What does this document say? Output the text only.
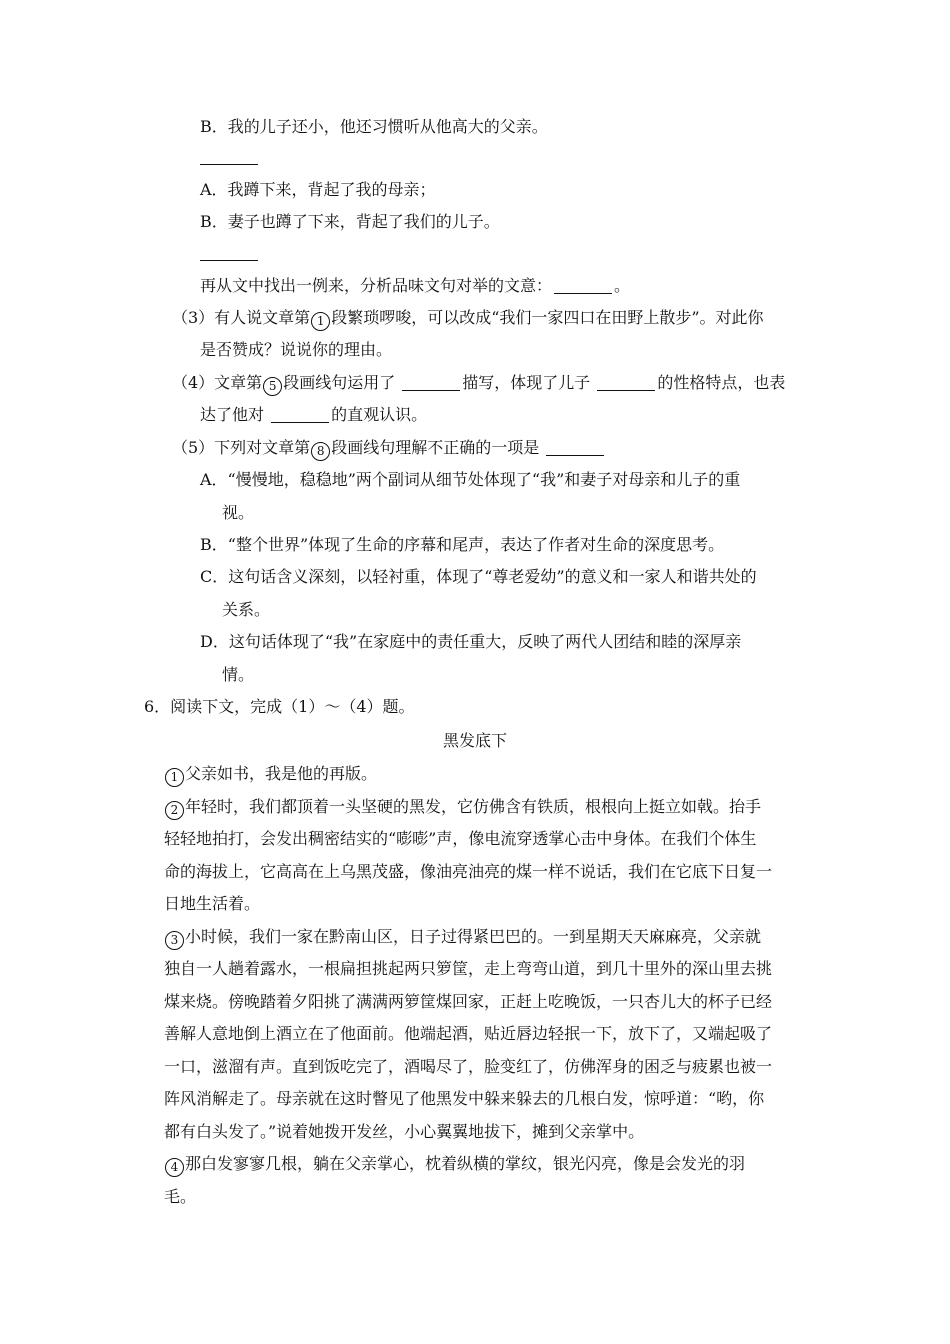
B．我的儿子还小，他还习惯听从他高大的父亲。
A．我蹲下来，背起了我的母亲；
B．妻子也蹲了下来，背起了我们的儿子。
再从文中找出一例来，分析品味文句对举的文意：	。
（3）有人说文章第 1 段繁琐啰唆，可以改成“我们一家四口在田野上散步”。对此你
是否赞成？说说你的理由。
（4）文章第 5 段画线句运用了	描写，体现了儿子	的性格特点，也表
达了他对	的直观认识。
（5）下列对文章第 8 段画线句理解不正确的一项是
A．“慢慢地，稳稳地”两个副词从细节处体现了“我”和妻子对母亲和儿子的重
视。
B．“整个世界”体现了生命的序幕和尾声，表达了作者对生命的深度思考。
C．这句话含义深刻，以轻衬重，体现了“尊老爱幼”的意义和一家人和谐共处的
关系。
D．这句话体现了“我”在家庭中的责任重大，反映了两代人团结和睦的深厚亲
情。
6．阅读下文，完成（1）～（4）题。
黑发底下
1 父亲如书，我是他的再版。
2 年轻时，我们都顶着一头坚硬的黑发，它仿佛含有铁质，根根向上挺立如戟。抬手
轻轻地拍打，会发出稠密结实的“嘭嘭”声，像电流穿透掌心击中身体。在我们个体生
命的海拔上，它高高在上乌黑茂盛，像油亮油亮的煤一样不说话，我们在它底下日复一
日地生活着。
3 小时候，我们一家在黔南山区，日子过得紧巴巴的。一到星期天天麻麻亮，父亲就
独自一人趟着露水，一根扁担挑起两只箩筐，走上弯弯山道，到几十里外的深山里去挑
煤来烧。傍晚踏着夕阳挑了满满两箩筐煤回家，正赶上吃晚饭，一只杏儿大的杯子已经
善解人意地倒上酒立在了他面前。他端起酒，贴近唇边轻抿一下，放下了，又端起吸了
一口，滋溜有声。直到饭吃完了，酒喝尽了，脸变红了，仿佛浑身的困乏与疲累也被一
阵风消解走了。母亲就在这时瞥见了他黑发中躲来躲去的几根白发，惊呼道：“哟，你
都有白头发了。”说着她拨开发丝，小心翼翼地拔下，摊到父亲掌中。
4 那白发寥寥几根，躺在父亲掌心，枕着纵横的掌纹，银光闪亮，像是会发光的羽
毛。
